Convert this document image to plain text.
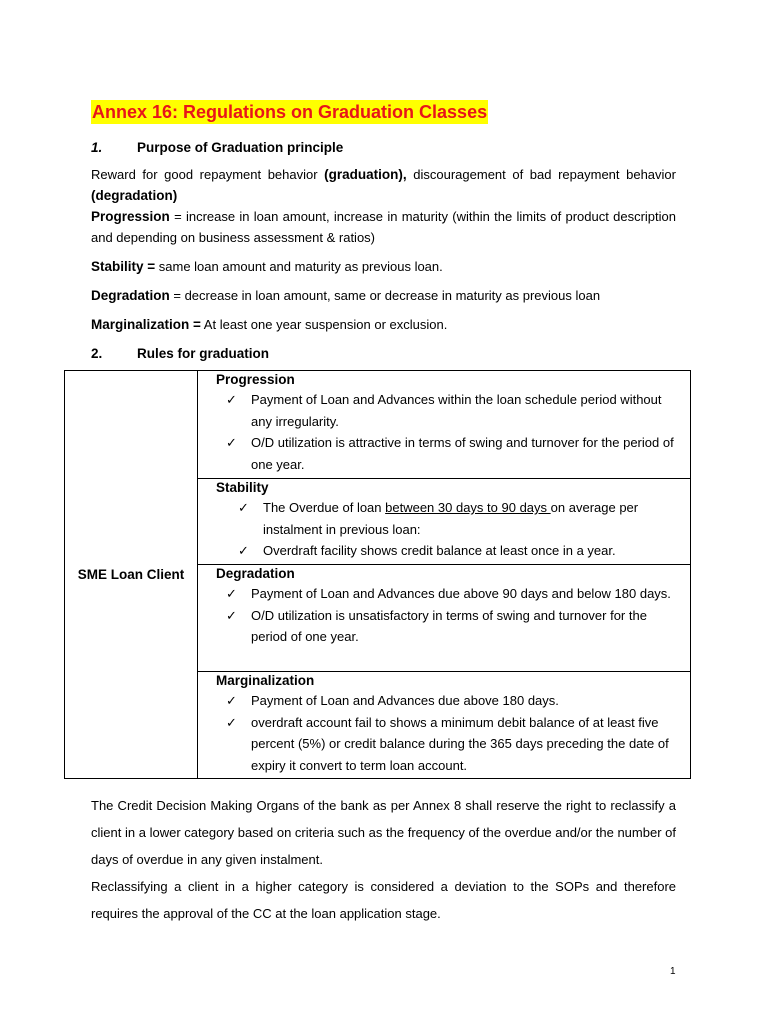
Annex 16: Regulations on Graduation Classes

1.	Purpose of Graduation principle

Reward for good repayment behavior (graduation), discouragement of bad repayment behavior (degradation)

Progression = increase in loan amount, increase in maturity (within the limits of product description and depending on business assessment & ratios)

Stability = same loan amount and maturity as previous loan.

Degradation = decrease in loan amount, same or decrease in maturity as previous loan

Marginalization = At least one year suspension or exclusion.

2.	Rules for graduation

SME Loan Client	
Progression
✓ Payment of Loan and Advances within the loan schedule period without any irregularity.
✓ O/D utilization is attractive in terms of swing and turnover for the period of one year.

Stability
✓ The Overdue of loan between 30 days to 90 days on average per instalment in previous loan:
✓ Overdraft facility shows credit balance at least once in a year.

Degradation
✓ Payment of Loan and Advances due above 90 days and below 180 days.
✓ O/D utilization is unsatisfactory in terms of swing and turnover for the period of one year.

Marginalization
✓ Payment of Loan and Advances due above 180 days.
✓ overdraft account fail to shows a minimum debit balance of at least five percent (5%) or credit balance during the 365 days preceding the date of expiry it convert to term loan account.

The Credit Decision Making Organs of the bank as per Annex 8 shall reserve the right to reclassify a client in a lower category based on criteria such as the frequency of the overdue and/or the number of days of overdue in any given instalment.

Reclassifying a client in a higher category is considered a deviation to the SOPs and therefore requires the approval of the CC at the loan application stage.

1
